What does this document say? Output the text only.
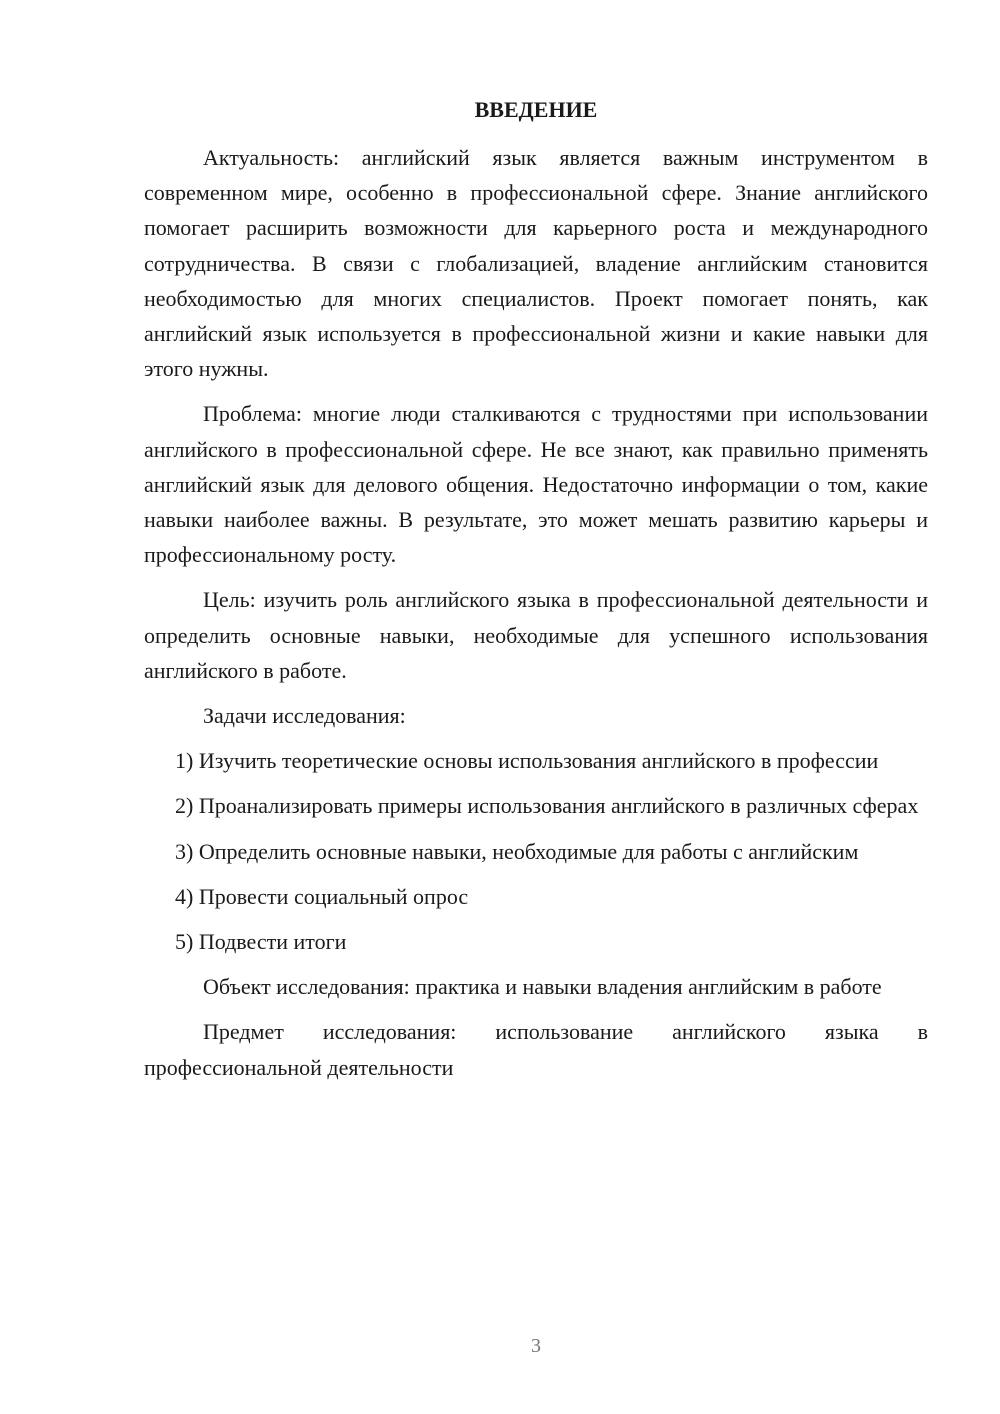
ВВЕДЕНИЕ

Актуальность: английский язык является важным инструментом в современном мире, особенно в профессиональной сфере. Знание английского помогает расширить возможности для карьерного роста и международного сотрудничества. В связи с глобализацией, владение английским становится необходимостью для многих специалистов. Проект помогает понять, как английский язык используется в профессиональной жизни и какие навыки для этого нужны.

Проблема: многие люди сталкиваются с трудностями при использовании английского в профессиональной сфере. Не все знают, как правильно применять английский язык для делового общения. Недостаточно информации о том, какие навыки наиболее важны. В результате, это может мешать развитию карьеры и профессиональному росту.

Цель: изучить роль английского языка в профессиональной деятельности и определить основные навыки, необходимые для успешного использования английского в работе.

Задачи исследования:

1) Изучить теоретические основы использования английского в профессии

2) Проанализировать примеры использования английского в различных сферах

3) Определить основные навыки, необходимые для работы с английским

4) Провести социальный опрос

5) Подвести итоги

Объект исследования: практика и навыки владения английским в работе

Предмет исследования: использование английского языка в профессиональной деятельности

3
